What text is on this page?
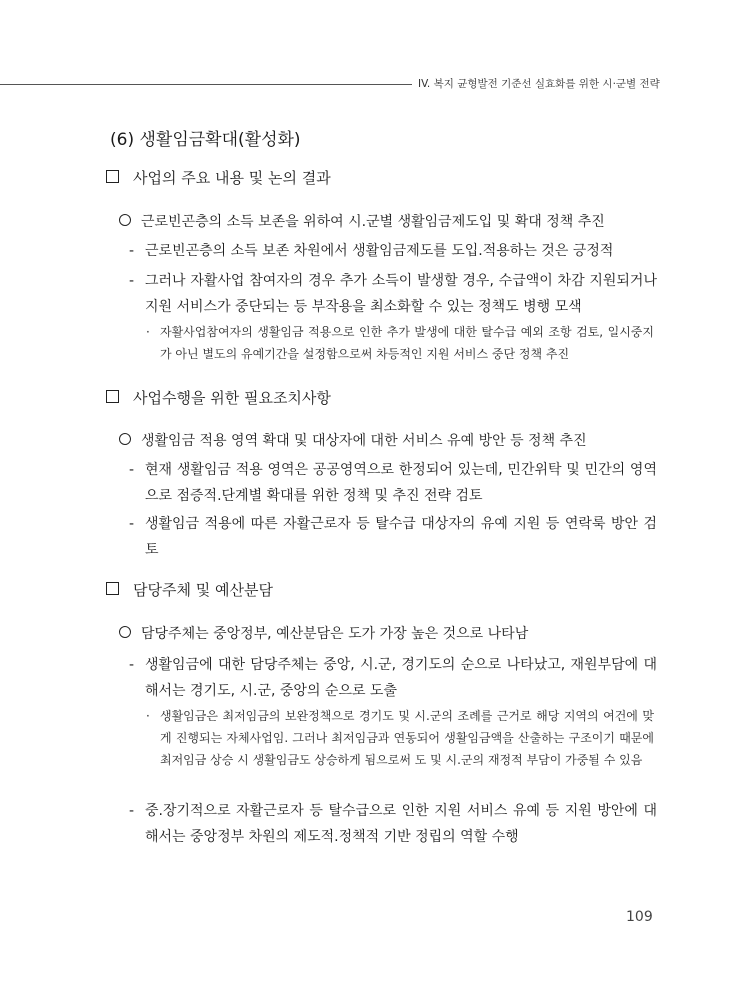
IV. 복지 균형발전 기준선 실효화를 위한 시·군별 전략
(6) 생활임금확대(활성화)
사업의 주요 내용 및 논의 결과
근로빈곤층의 소득 보존을 위하여 시.군별 생활임금제도입 및 확대 정책 추진
- 근로빈곤층의 소득 보존 차원에서 생활임금제도를 도입.적용하는 것은 긍정적
- 그러나 자활사업 참여자의 경우 추가 소득이 발생할 경우, 수급액이 차감 지원되거나 지원 서비스가 중단되는 등 부작용을 최소화할 수 있는 정책도 병행 모색
· 자활사업참여자의 생활임금 적용으로 인한 추가 발생에 대한 탈수급 예외 조항 검토, 일시중지가 아닌 별도의 유예기간을 설정함으로써 차등적인 지원 서비스 중단 정책 추진
사업수행을 위한 필요조치사항
생활임금 적용 영역 확대 및 대상자에 대한 서비스 유예 방안 등 정책 추진
- 현재 생활임금 적용 영역은 공공영역으로 한정되어 있는데, 민간위탁 및 민간의 영역으로 점증적.단계별 확대를 위한 정책 및 추진 전략 검토
- 생활임금 적용에 따른 자활근로자 등 탈수급 대상자의 유예 지원 등 연락룩 방안 검토
담당주체 및 예산분담
담당주체는 중앙정부, 예산분담은 도가 가장 높은 것으로 나타남
- 생활임금에 대한 담당주체는 중앙, 시.군, 경기도의 순으로 나타났고, 재원부담에 대해서는 경기도, 시.군, 중앙의 순으로 도출
· 생활임금은 최저임금의 보완정책으로 경기도 및 시.군의 조례를 근거로 해당 지역의 여건에 맞게 진행되는 자체사업임. 그러나 최저임금과 연동되어 생활임금액을 산출하는 구조이기 때문에 최저임금 상승 시 생활임금도 상승하게 됨으로써 도 및 시.군의 재정적 부담이 가중될 수 있음
- 중.장기적으로 자활근로자 등 탈수급으로 인한 지원 서비스 유예 등 지원 방안에 대해서는 중앙정부 차원의 제도적.정책적 기반 정립의 역할 수행
109
